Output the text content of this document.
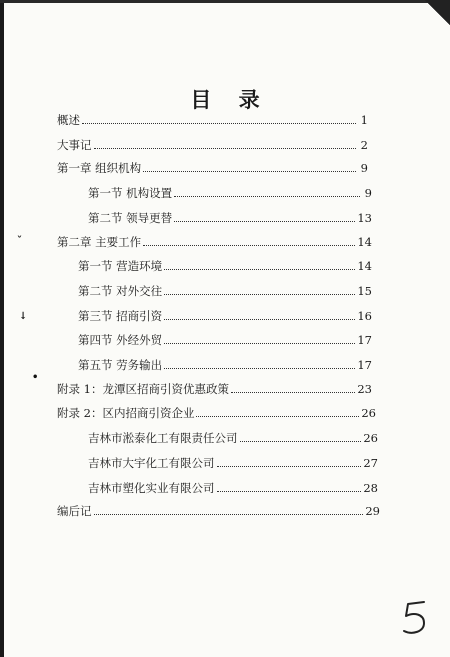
目 录
概述	1
大事记	2
第一章 组织机构	9
第一节 机构设置	9
第二节 领导更替	13
第二章 主要工作	14
第一节 营造环境	14
第二节 对外交往	15
第三节 招商引资	16
第四节 外经外贸	17
第五节 劳务输出	17
附录 1：龙潭区招商引资优惠政策	23
附录 2：区内招商引资企业	26
吉林市淞泰化工有限责任公司	26
吉林市大宇化工有限公司	27
吉林市塑化实业有限公司	28
编后记	29
ˇ
↓
•
